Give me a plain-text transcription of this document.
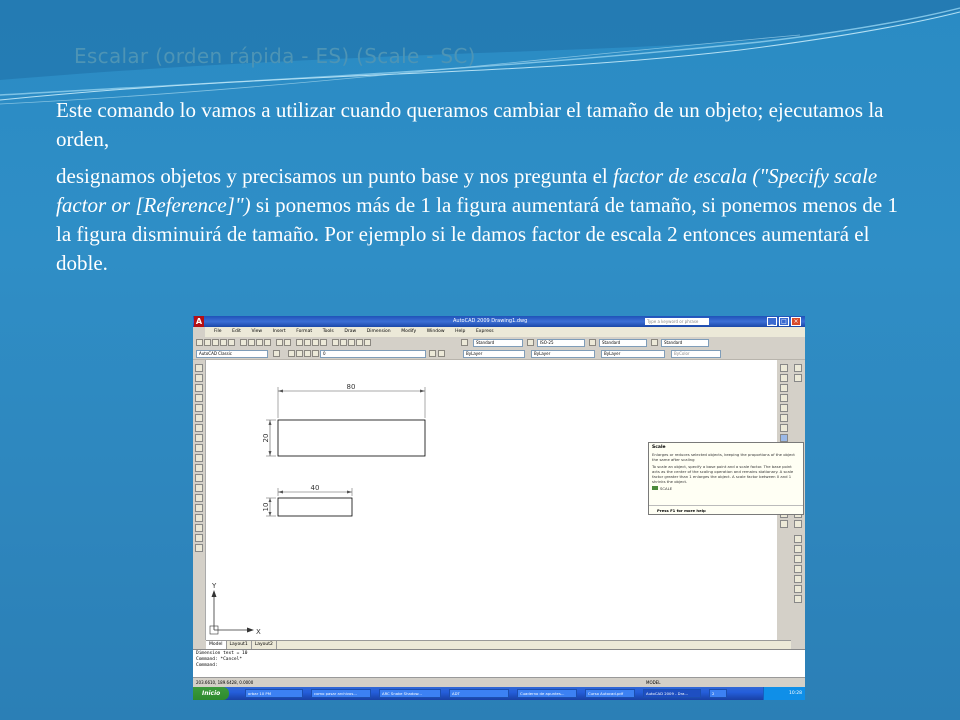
Escalar (orden rápida - ES) (Scale - SC)

Este comando lo vamos a utilizar cuando queramos cambiar el tamaño de un objeto; ejecutamos la orden,

designamos objetos y precisamos un punto base y nos pregunta el factor de escala ("Specify scale factor or [Reference]") si ponemos más de 1 la figura aumentará de tamaño, si ponemos menos de 1 la figura disminuirá de tamaño. Por ejemplo si le damos factor de escala 2 entonces aumentará el doble.

A	AutoCAD 2009 Drawing1.dwg	Type a keyword or phrase	_	□	×
File Edit View Insert Format Tools Draw Dimension Modify Window Help Express
Standard	ISO-25	Standard	Standard
AutoCAD Classic	0	ByLayer	ByLayer	ByLayer	ByColor
80
20
40
10
Y
X
Scale
Enlarges or reduces selected objects, keeping the proportions of the object the same after scaling
To scale an object, specify a base point and a scale factor. The base point acts as the center of the scaling operation and remains stationary. A scale factor greater than 1 enlarges the object. A scale factor between 0 and 1 shrinks the object.
SCALE
Press F1 for more help
Model Layout1 Layout2
Dimension text = 10
Command: *Cancel*
Command:
203.6610, 189.6428, 0.0000	MODEL
Inicio	orbar 10 PM	como pasar archivos...	ARC Snake Shadow...	ADT	Cuaderno de apuntes...	Curso Autocad.pdf	AutoCAD 2009 - Dra...	2	10:28
